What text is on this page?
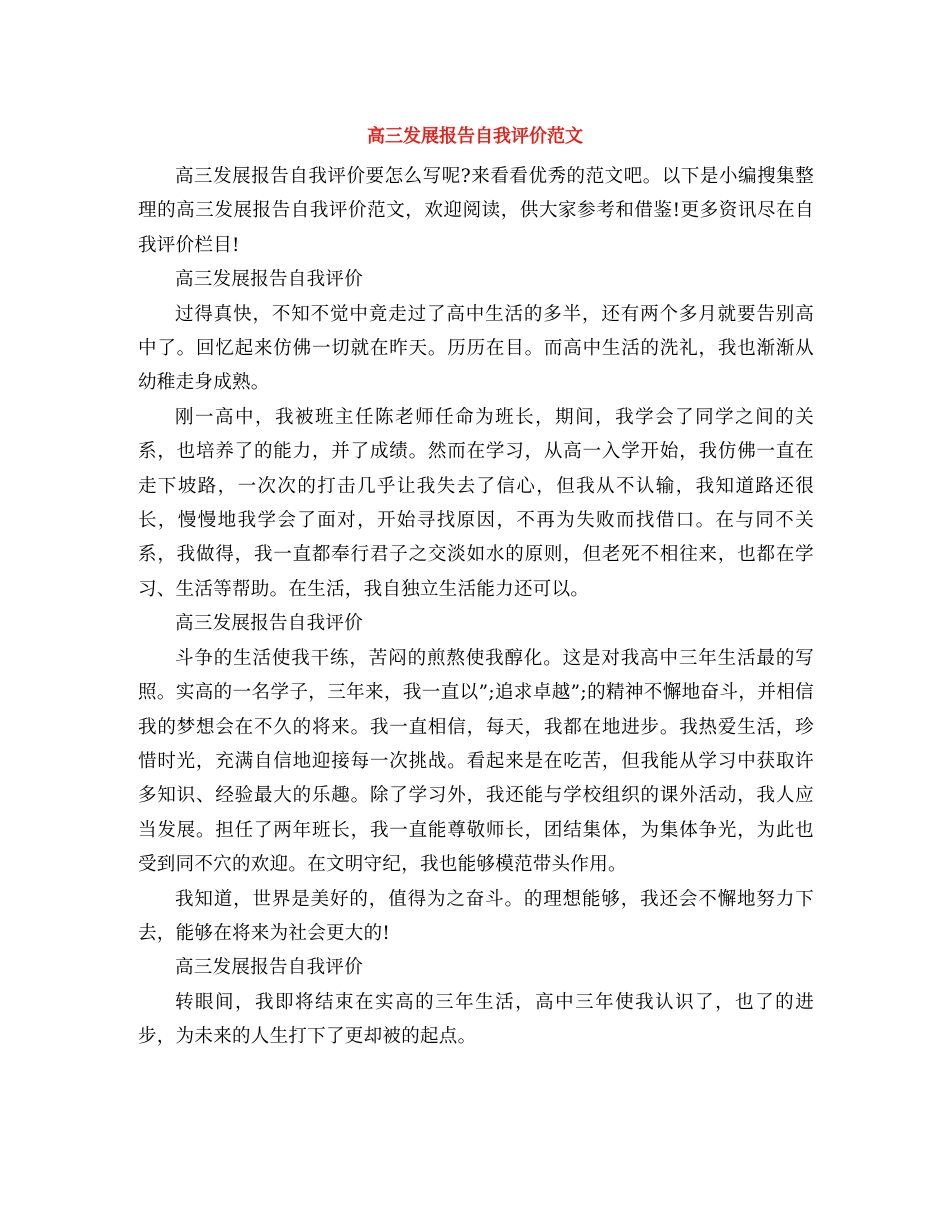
高三发展报告自我评价范文

高三发展报告自我评价要怎么写呢?来看看优秀的范文吧。以下是小编搜集整理的高三发展报告自我评价范文，欢迎阅读，供大家参考和借鉴!更多资讯尽在自我评价栏目!

高三发展报告自我评价

过得真快，不知不觉中竟走过了高中生活的多半，还有两个多月就要告别高中了。回忆起来仿佛一切就在昨天。历历在目。而高中生活的洗礼，我也渐渐从幼稚走身成熟。

刚一高中，我被班主任陈老师任命为班长，期间，我学会了同学之间的关系，也培养了的能力，并了成绩。然而在学习，从高一入学开始，我仿佛一直在走下坡路，一次次的打击几乎让我失去了信心，但我从不认输，我知道路还很长，慢慢地我学会了面对，开始寻找原因，不再为失败而找借口。在与同不关系，我做得，我一直都奉行君子之交淡如水的原则，但老死不相往来，也都在学习、生活等帮助。在生活，我自独立生活能力还可以。

高三发展报告自我评价

斗争的生活使我干练，苦闷的煎熬使我醇化。这是对我高中三年生活最的写照。实高的一名学子，三年来，我一直以”;追求卓越”;的精神不懈地奋斗，并相信我的梦想会在不久的将来。我一直相信，每天，我都在地进步。我热爱生活，珍惜时光，充满自信地迎接每一次挑战。看起来是在吃苦，但我能从学习中获取许多知识、经验最大的乐趣。除了学习外，我还能与学校组织的课外活动，我人应当发展。担任了两年班长，我一直能尊敬师长，团结集体，为集体争光，为此也受到同不穴的欢迎。在文明守纪，我也能够模范带头作用。

我知道，世界是美好的，值得为之奋斗。的理想能够，我还会不懈地努力下去，能够在将来为社会更大的!

高三发展报告自我评价

转眼间，我即将结束在实高的三年生活，高中三年使我认识了，也了的进步，为未来的人生打下了更却被的起点。
